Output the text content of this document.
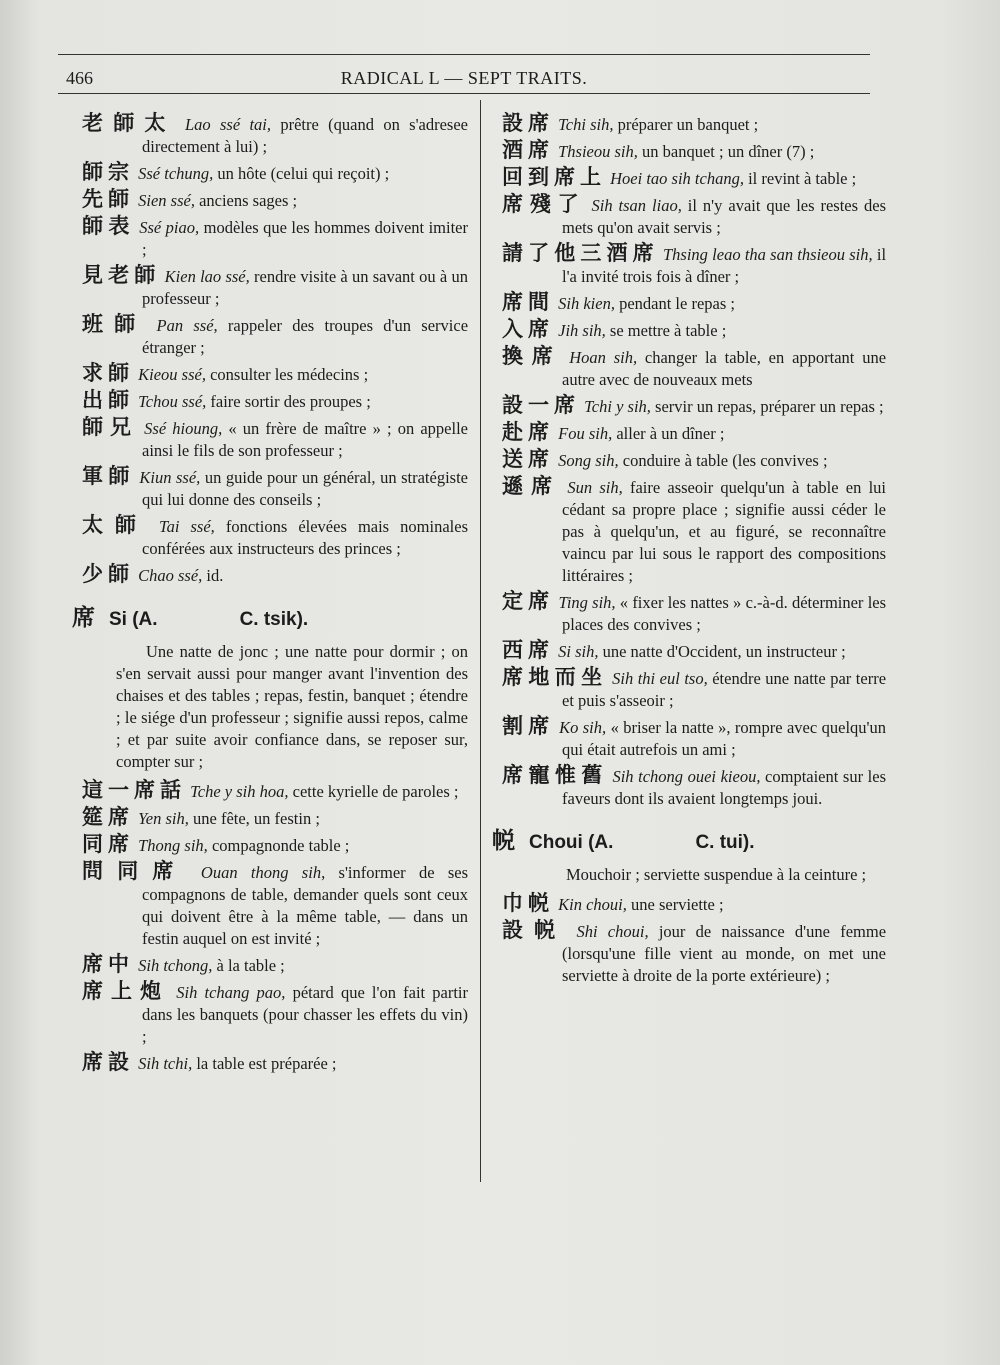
466	RADICAL L — SEPT TRAITS.
老師太 Lao ssé tai, prêtre (quand on s'adresee directement à lui) ;
師宗 Ssé tchung, un hôte (celui qui reçoit) ;
先師 Sien ssé, anciens sages ;
師表 Ssé piao, modèles que les hommes doivent imiter ;
見老師 Kien lao ssé, rendre visite à un savant ou à un professeur ;
班師 Pan ssé, rappeler des troupes d'un service étranger ;
求師 Kieou ssé, consulter les médecins ;
出師 Tchou ssé, faire sortir des proupes ;
師兄 Ssé hioung, « un frère de maître » ; on appelle ainsi le fils de son professeur ;
軍師 Kiun ssé, un guide pour un général, un stratégiste qui lui donne des conseils ;
太師 Tai ssé, fonctions élevées mais nominales conférées aux instructeurs des princes ;
少師 Chao ssé, id.
席 Si (A.	C. tsik).
Une natte de jonc ; une natte pour dormir ; on s'en servait aussi pour manger avant l'invention des chaises et des tables ; repas, festin, banquet ; étendre ; le siége d'un professeur ; signifie aussi repos, calme ; et par suite avoir confiance dans, se reposer sur, compter sur ;
這一席話 Tche y sih hoa, cette kyrielle de paroles ;
筵席 Yen sih, une fête, un festin ;
同席 Thong sih, compagnonde table ;
問同席 Ouan thong sih, s'informer de ses compagnons de table, demander quels sont ceux qui doivent être à la même table, — dans un festin auquel on est invité ;
席中 Sih tchong, à la table ;
席上炮 Sih tchang pao, pétard que l'on fait partir dans les banquets (pour chasser les effets du vin) ;
席設 Sih tchi, la table est préparée ;
設席 Tchi sih, préparer un banquet ;
酒席 Thsieou sih, un banquet ; un dîner (7) ;
回到席上 Hoei tao sih tchang, il revint à table ;
席殘了 Sih tsan liao, il n'y avait que les restes des mets qu'on avait servis ;
請了他三酒席 Thsing leao tha san thsieou sih, il l'a invité trois fois à dîner ;
席間 Sih kien, pendant le repas ;
入席 Jih sih, se mettre à table ;
換席 Hoan sih, changer la table, en apportant une autre avec de nouveaux mets
設一席 Tchi y sih, servir un repas, préparer un repas ;
赴席 Fou sih, aller à un dîner ;
送席 Song sih, conduire à table (les convives ;
遜席 Sun sih, faire asseoir quelqu'un à table en lui cédant sa propre place ; signifie aussi céder le pas à quelqu'un, et au figuré, se reconnaître vaincu par lui sous le rapport des compositions littéraires ;
定席 Ting sih, « fixer les nattes » c.-à-d. déterminer les places des convives ;
西席 Si sih, une natte d'Occident, un instructeur ;
席地而坐 Sih thi eul tso, étendre une natte par terre et puis s'asseoir ;
割席 Ko sih, « briser la natte », rompre avec quelqu'un qui était autrefois un ami ;
席寵惟舊 Sih tchong ouei kieou, comptaient sur les faveurs dont ils avaient longtemps joui.
帨 Choui (A.	C. tui).
Mouchoir ; serviette suspendue à la ceinture ;
巾帨 Kin choui, une serviette ;
設帨 Shi choui, jour de naissance d'une femme (lorsqu'une fille vient au monde, on met une serviette à droite de la porte extérieure) ;
